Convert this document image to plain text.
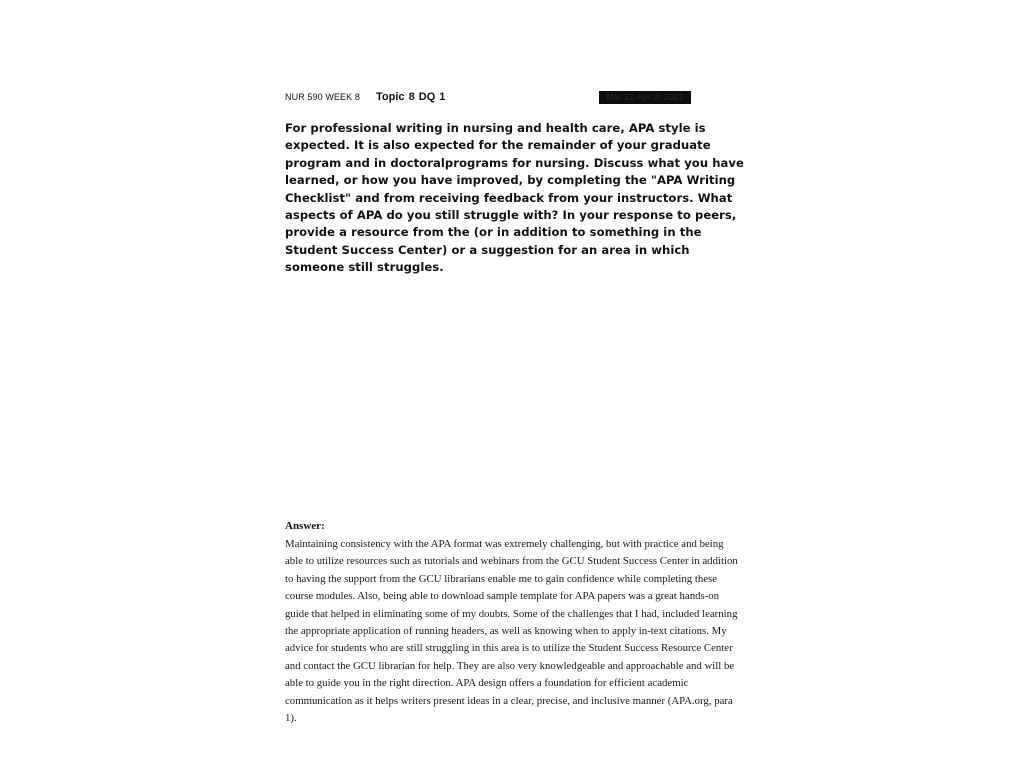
NUR 590 WEEK 8 Topic 8 DQ 1	Mar 31-Apr 2, 2021
For professional writing in nursing and health care, APA style is expected. It is also expected for the remainder of your graduate program and in doctoralprograms for nursing. Discuss what you have learned, or how you have improved, by completing the "APA Writing Checklist" and from receiving feedback from your instructors. What aspects of APA do you still struggle with? In your response to peers, provide a resource from the (or in addition to something in the Student Success Center) or a suggestion for an area in which someone still struggles.
Answer:
Maintaining consistency with the APA format was extremely challenging, but with practice and being able to utilize resources such as tutorials and webinars from the GCU Student Success Center in addition to having the support from the GCU librarians enable me to gain confidence while completing these course modules. Also, being able to download sample template for APA papers was a great hands-on guide that helped in eliminating some of my doubts. Some of the challenges that I had, included learning the appropriate application of running headers, as well as knowing when to apply in-text citations. My advice for students who are still struggling in this area is to utilize the Student Success Resource Center and contact the GCU librarian for help. They are also very knowledgeable and approachable and will be able to guide you in the right direction. APA design offers a foundation for efficient academic communication as it helps writers present ideas in a clear, precise, and inclusive manner (APA.org, para 1).
